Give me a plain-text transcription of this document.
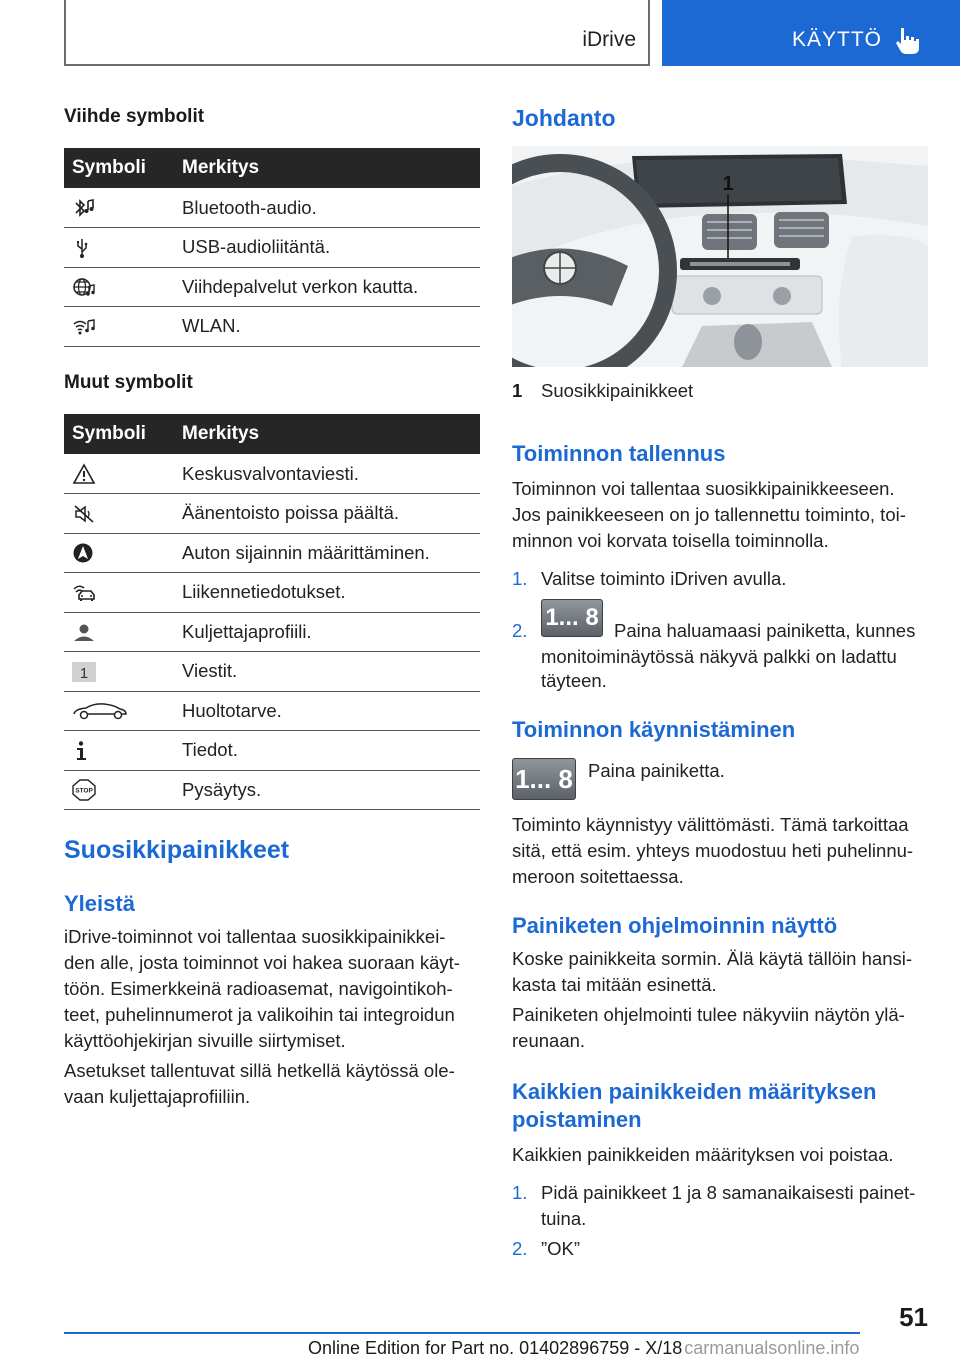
iDrive	KÄYTTÖ
Viihde symbolit
Symboli	Merkitys
	Bluetooth-audio.
	USB-audioliitäntä.
	Viihdepalvelut verkon kautta.
	WLAN.
Muut symbolit
Symboli	Merkitys
	Keskusvalvontaviesti.
	Äänentoisto poissa päältä.
	Auton sijainnin määrittäminen.
	Liikennetiedotukset.
	Kuljettajaprofiili.

1	Viestit.
	Huoltotarve.
	Tiedot.

STOP	Pysäytys.
Suosikkipainikkeet
Yleistä
iDrive-toiminnot voi tallentaa suosikkipainikkei-
den alle, josta toiminnot voi hakea suoraan käyt-
töön. Esimerkkeinä radioasemat, navigointikoh-
teet, puhelinnumerot ja valikoihin tai integroidun
käyttöohjekirjan sivuille siirtymiset.
Asetukset tallentuvat sillä hetkellä käytössä ole-
vaan kuljettajaprofiiliin.
Johdanto
1
1 Suosikkipainikkeet
Toiminnon tallennus
Toiminnon voi tallentaa suosikkipainikkeeseen.
Jos painikkeeseen on jo tallennettu toiminto, toi-
minnon voi korvata toisella toiminnolla.
1. Valitse toiminto iDriven avulla.
2. 1... 8 Paina haluamaasi painiketta, kunnes
monitoiminäytössä näkyvä palkki on ladattu
täyteen.
Toiminnon käynnistäminen
1... 8 Paina painiketta.
Toiminto käynnistyy välittömästi. Tämä tarkoittaa
sitä, että esim. yhteys muodostuu heti puhelinnu-
meroon soitettaessa.
Painiketen ohjelmoinnin näyttö
Koske painikkeita sormin. Älä käytä tällöin hansi-
kasta tai mitään esinettä.
Painiketen ohjelmointi tulee näkyviin näytön ylä-
reunaan.
Kaikkien painikkeiden määrityksen
poistaminen
Kaikkien painikkeiden määrityksen voi poistaa.
1. Pidä painikkeet 1 ja 8 samanaikaisesti painet-
tuina.
2. ”OK”
51
Online Edition for Part no. 01402896759 - X/18 carmanualsonline.info
